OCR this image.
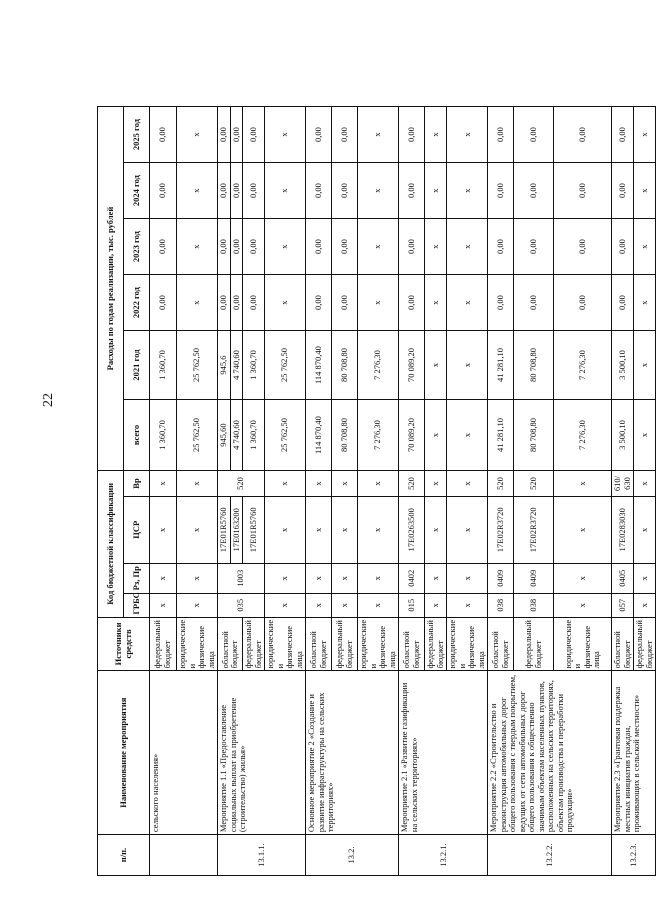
22
п/п.	Наименование мероприятия	Источники средств	Код бюджетной классификации				Расходы по годам реализации, тыс. рублей					
			ГРБС	Рз, Пр	ЦСР	Вр	всего	2021 год	2022 год	2023 год	2024 год	2025 год
	сельского населения»	федеральный бюджет	х	х	х	х	1 360,70	1 360,70	0,00	0,00	0,00	0,00
		юридические и физические лица	х	х	х	х	25 762,50	25 762,50	х	х	х	х
13.1.1.	Мероприятие 1.1 «Предоставление социальных выплат на приобретение (строительство) жилья»	областной бюджет	035	1003	17Е01R5760	520	945,60	945,6	0,00	0,00	0,00	0,00
					17Е0163200		4 740,60	4 740,60	0,00	0,00	0,00	0,00
		федеральный бюджет			17Е01R5760		1 360,70	1 360,70	0,00	0,00	0,00	0,00
		юридические и физические лица	х	х	х	х	25 762,50	25 762,50	х	х	х	х

13.2.	Основное мероприятие 2 «Создание и развитие инфраструктуры на сельских территориях»	областной бюджет	х	х	х	х	114 870,40	114 870,40	0,00	0,00	0,00	0,00
		федеральный бюджет	х	х	х	х	80 708,80	80 708,80	0,00	0,00	0,00	0,00
		юридические и физические лица	х	х	х	х	7 276,30	7 276,30	х	х	х	х
13.2.1.	Мероприятие 2.1 «Развитие газификации на сельских территориях»	областной бюджет	015	0402	17Е0263500	520	70 089,20	70 089,20	0,00	0,00	0,00	0,00
		федеральный бюджет	х	х	х	х	х	х	х	х	х	х
		юридические и физические лица	х	х	х	х	х	х	х	х	х	х
13.2.2.	Мероприятие 2.2 «Строительство и реконструкция автомобильных дорог общего пользования с твердым покрытием, ведущих от сети автомобильных дорог общего пользования к общественно значимым объектам населенных пунктов, расположенных на сельских территориях, объектам производства и переработки продукции»	областной бюджет	038	0409	17Е02R3720	520	41 281,10	41 281,10	0,00	0,00	0,00	0,00
		федеральный бюджет	038	0409	17Е02R3720	520	80 708,80	80 708,80	0,00	0,00	0,00	0,00
		юридические и физические лица	х	х	х	х	7 276,30	7 276,30	0,00	0,00	0,00	0,00
13.2.3.	Мероприятие 2.3 «Грантовая поддержка местных инициатив граждан, проживающих в сельской местности»	областной бюджет	057	0405	17Е0283030	610/ 630	3 500,10	3 500,10	0,00	0,00	0,00	0,00
		федеральный бюджет	х	х	х	х	х	х	х	х	х	х
